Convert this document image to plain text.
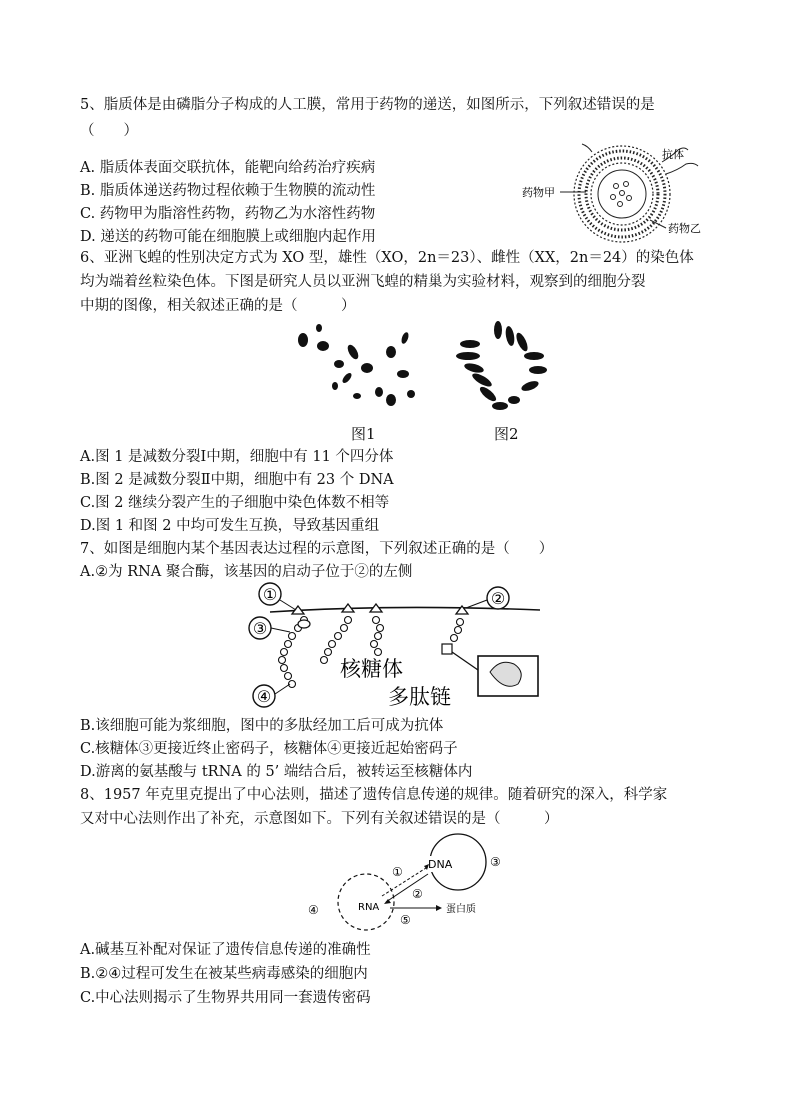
5、脂质体是由磷脂分子构成的人工膜，常用于药物的递送，如图所示，下列叙述错误的是
（　　）
A. 脂质体表面交联抗体，能靶向给药治疗疾病
B. 脂质体递送药物过程依赖于生物膜的流动性
C. 药物甲为脂溶性药物，药物乙为水溶性药物
D. 递送的药物可能在细胞膜上或细胞内起作用
抗体
药物甲
药物乙
6、亚洲飞蝗的性别决定方式为 XO 型，雄性（XO，2n＝23）、雌性（XX，2n＝24）的染色体
均为端着丝粒染色体。下图是研究人员以亚洲飞蝗的精巢为实验材料，观察到的细胞分裂
中期的图像，相关叙述正确的是（　　　）
图1	图2
A.图 1 是减数分裂Ⅰ中期，细胞中有 11 个四分体
B.图 2 是减数分裂Ⅱ中期，细胞中有 23 个 DNA
C.图 2 继续分裂产生的子细胞中染色体数不相等
D.图 1 和图 2 中均可发生互换，导致基因重组
7、如图是细胞内某个基因表达过程的示意图，下列叙述正确的是（　　）
A.②为 RNA 聚合酶，该基因的启动子位于②的左侧
①
③
④
②
核糖体
多肽链
B.该细胞可能为浆细胞，图中的多肽经加工后可成为抗体
C.核糖体③更接近终止密码子，核糖体④更接近起始密码子
D.游离的氨基酸与 tRNA 的 5’ 端结合后，被转运至核糖体内
8、1957 年克里克提出了中心法则，描述了遗传信息传递的规律。随着研究的深入，科学家
又对中心法则作出了补充，示意图如下。下列有关叙述错误的是（　　　）
DNA
RNA
①
②
③
④
⑤
蛋白质
A.碱基互补配对保证了遗传信息传递的准确性
B.②④过程可发生在被某些病毒感染的细胞内
C.中心法则揭示了生物界共用同一套遗传密码
